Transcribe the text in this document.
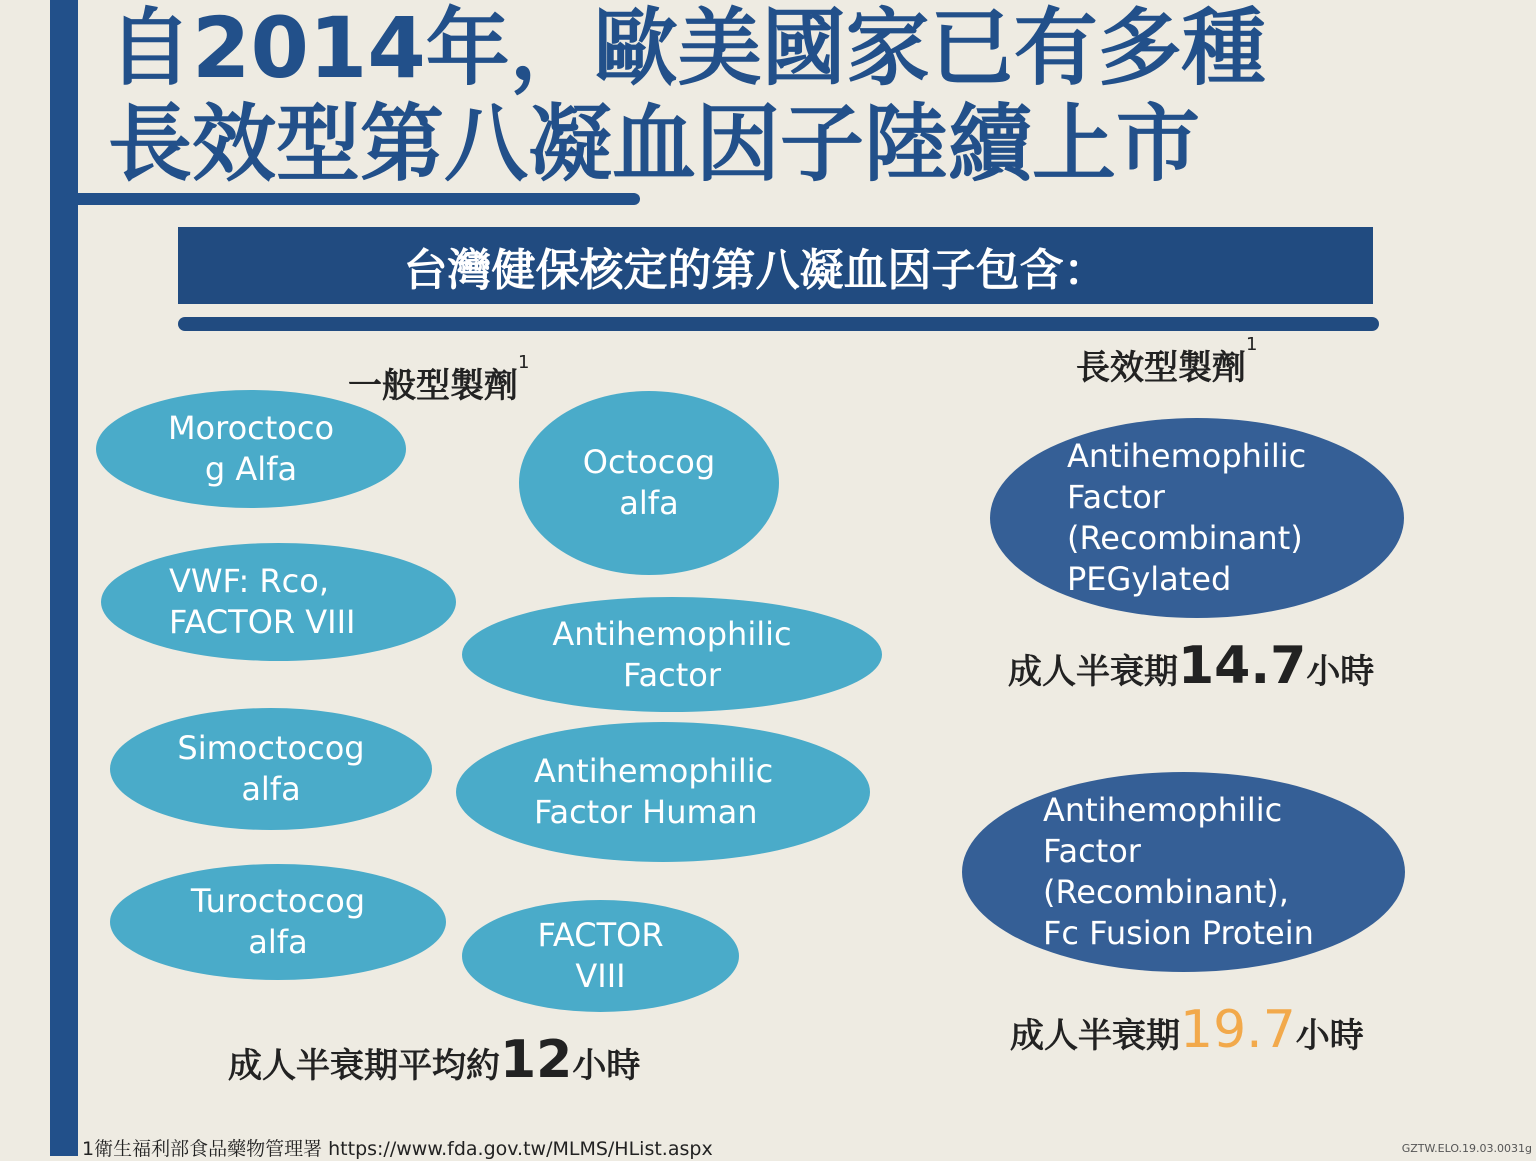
自2014年，歐美國家已有多種
長效型第八凝血因子陸續上市
台灣健保核定的第八凝血因子包含：
一般型製劑$^1$	長效型製劑$^1$
Moroctoco
g Alfa	Octocog
alfa
VWF: Rco,
FACTOR VIII	Antihemophilic
Factor
Simoctocog
alfa	Antihemophilic
Factor Human
Turoctocog
alfa	FACTOR
VIII
成人半衰期平均約12小時
Antihemophilic
Factor
(Recombinant)
PEGylated
成人半衰期14.7小時
Antihemophilic
Factor
(Recombinant),
Fc Fusion Protein
成人半衰期19.7小時
1衛生福利部食品藥物管理署 https://www.fda.gov.tw/MLMS/HList.aspx	GZTW.ELO.19.03.0031g
